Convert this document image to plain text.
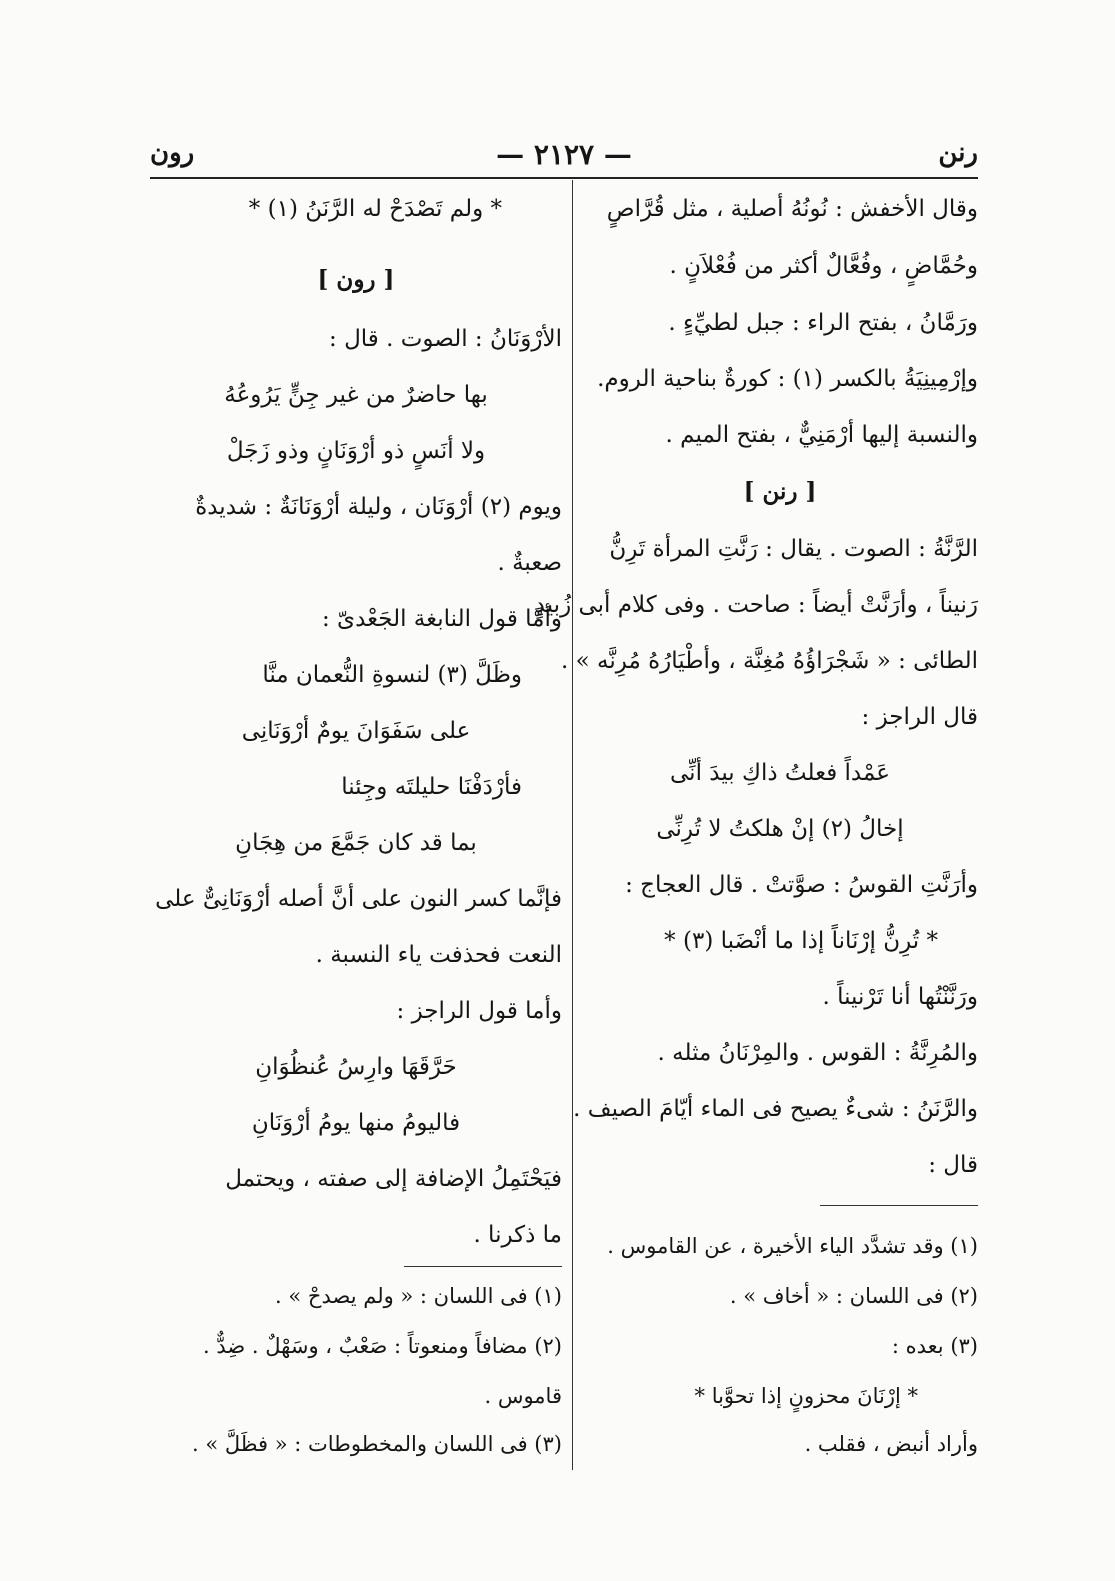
رنن
— ٢١٢٧ —
رون
وقال الأخفش : نُونُهُ أصلية ، مثل قُرَّاصٍ
وحُمَّاضٍ ، وفُعَّالٌ أكثر من فُعْلاَنٍ .
ورَمَّانُ ، بفتح الراء : جبل لطيِّءٍ .
وإرْمِينِيَةُ بالكسر (١) : كورةٌ بناحية الروم.
والنسبة إليها أرْمَنِيٌّ ، بفتح الميم .
[ رنن ]
الرَّنَّةُ : الصوت . يقال : رَنَّتِ المرأة تَرِنُّ
رَنيناً ، وأرَنَّتْ أيضاً : صاحت . وفى كلام أبى زُبيدٍ
الطائى : « شَجْرَاؤُهُ مُغِنَّة ، وأطْيَارُهُ مُرِنَّه » .
قال الراجز :
عَمْداً فعلتُ ذاكِ بيدَ أنِّى
إخالُ (٢) إنْ هلكتُ لا تُرِنِّى
وأرَنَّتِ القوسُ : صوَّتتْ . قال العجاج :
* تُرِنُّ إرْنَاناً إذا ما أنْضَبا (٣) *
ورَنَّنْتُها أنا تَرْنيناً .
والمُرِنَّةُ : القوس . والمِرْنَانُ مثله .
والرَّنَنُ : شىءٌ يصيح فى الماء أيّامَ الصيف .
قال :
(١) وقد تشدَّد الياء الأخيرة ، عن القاموس .
(٢) فى اللسان : « أخاف » .
(٣) بعده :
* إرْنَانَ محزونٍ إذا تحوَّبا *
وأراد أنبض ، فقلب .
* ولم تَصْدَحْ له الرَّنَنُ (١) *
[ رون ]
الأرْوَنَانُ : الصوت . قال :
بها حاضرٌ من غير جِنٍّ يَرُوعُهُ
ولا أنَسٍ ذو أرْوَنَانٍ وذو زَجَلْ
ويوم (٢) أرْوَنَان ، وليلة أرْوَنَانَةٌ : شديدةٌ
صعبةٌ .
وأمَّا قول النابغة الجَعْدىّ :
وظَلَّ (٣) لنسوةِ النُّعمان منَّا
على سَفَوَانَ يومٌ أرْوَنَانِى
فأرْدَفْنَا حليلتَه وجِئنا
بما قد كان جَمَّعَ من هِجَانِ
فإنَّما كسر النون على أنَّ أصله أرْوَنَانِىٌّ على
النعت فحذفت ياء النسبة .
وأما قول الراجز :
حَرَّقَهَا وارِسُ عُنظُوَانِ
فاليومُ منها يومُ أرْوَنَانِ
فيَحْتَمِلُ الإضافة إلى صفته ، ويحتمل
ما ذكرنا .
(١) فى اللسان : « ولم يصدحْ » .
(٢) مضافاً ومنعوتاً : صَعْبٌ ، وسَهْلٌ . ضِدٌّ .
قاموس .
(٣) فى اللسان والمخطوطات : « فظَلَّ » .
